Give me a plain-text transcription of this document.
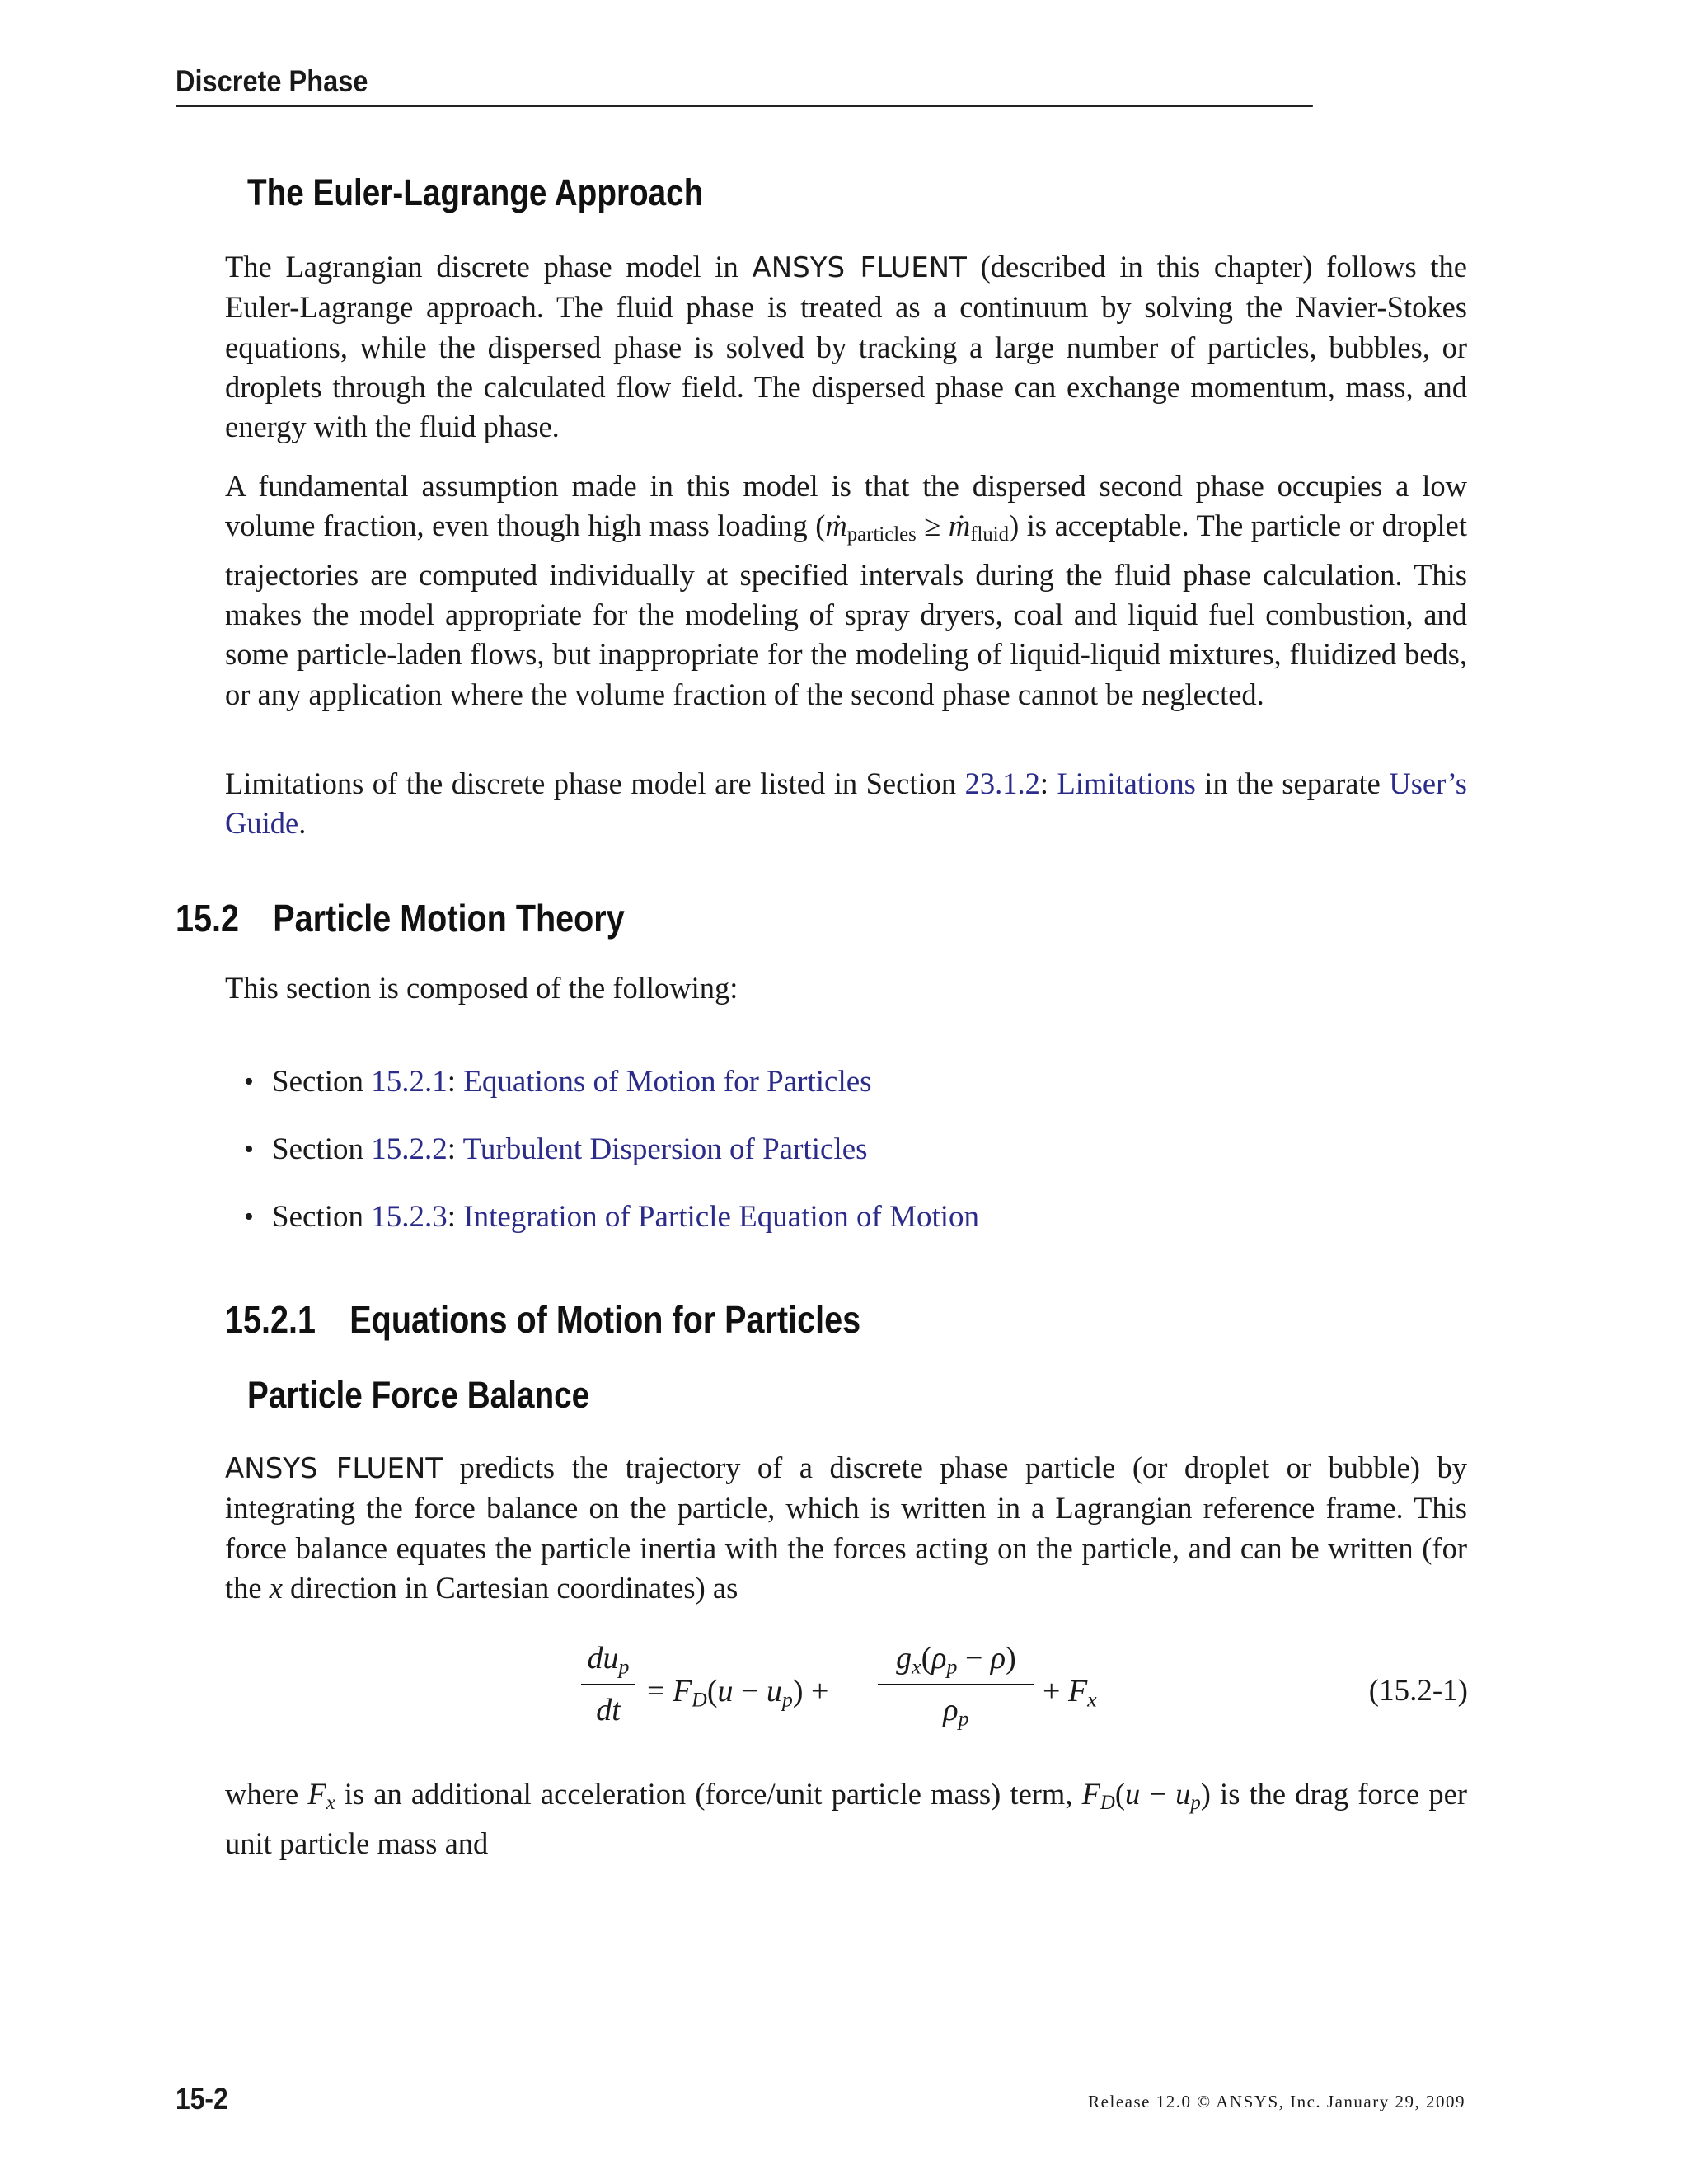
Discrete Phase
The Euler-Lagrange Approach

The Lagrangian discrete phase model in ANSYS FLUENT (described in this chapter) follows the Euler-Lagrange approach. The fluid phase is treated as a continuum by solving the Navier-Stokes equations, while the dispersed phase is solved by tracking a large number of particles, bubbles, or droplets through the calculated flow field. The dispersed phase can exchange momentum, mass, and energy with the fluid phase.

A fundamental assumption made in this model is that the dispersed second phase occupies a low volume fraction, even though high mass loading (ṁ$_{particles}$ ≥ ṁ$_{fluid}$) is acceptable. The particle or droplet trajectories are computed individually at specified intervals during the fluid phase calculation. This makes the model appropriate for the modeling of spray dryers, coal and liquid fuel combustion, and some particle-laden flows, but inappropriate for the modeling of liquid-liquid mixtures, fluidized beds, or any application where the volume fraction of the second phase cannot be neglected.

Limitations of the discrete phase model are listed in Section 23.1.2: Limitations in the separate User’s Guide.

15.2 Particle Motion Theory

This section is composed of the following:

• Section 15.2.1: Equations of Motion for Particles
• Section 15.2.2: Turbulent Dispersion of Particles
• Section 15.2.3: Integration of Particle Equation of Motion
15.2.1 Equations of Motion for Particles
Particle Force Balance

ANSYS FLUENT predicts the trajectory of a discrete phase particle (or droplet or bubble) by integrating the force balance on the particle, which is written in a Lagrangian reference frame. This force balance equates the particle inertia with the forces acting on the particle, and can be written (for the x direction in Cartesian coordinates) as

$du_p$
dt
= $F_D(u - u_p) + \frac{g_x(\rho_p - \rho)}{\rho_p} + F_x$	(15.2-1)

where $F_x$ is an additional acceleration (force/unit particle mass) term, $F_D(u - u_p)$ is the drag force per unit particle mass and

15-2	Release 12.0 © ANSYS, Inc. January 29, 2009
